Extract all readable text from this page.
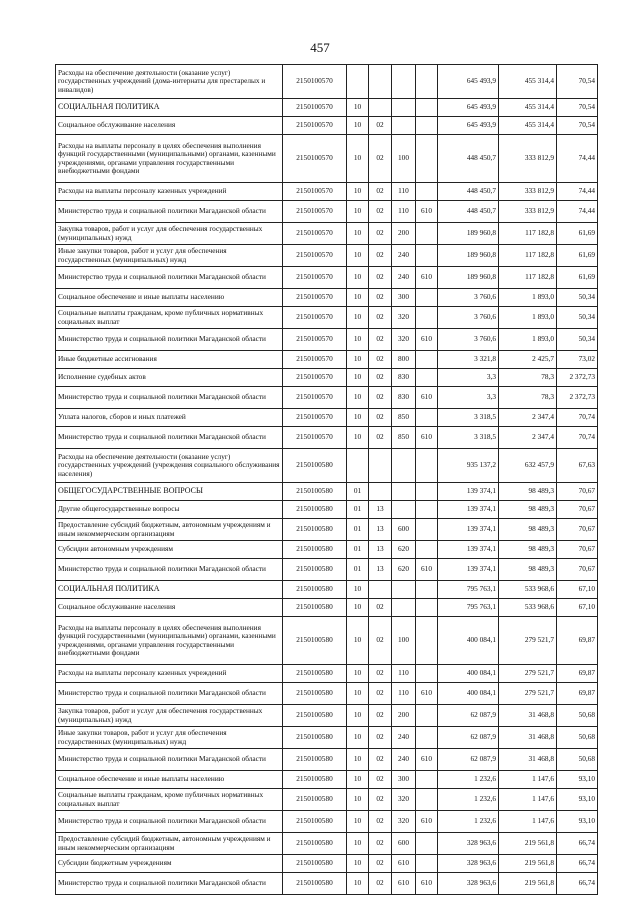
457
Расходы на обеспечение деятельности (оказание услуг) государственных учреждений (дома-интернаты для престарелых и инвалидов)	2150100570					645 493,9	455 314,4	70,54
СОЦИАЛЬНАЯ ПОЛИТИКА	2150100570	10				645 493,9	455 314,4	70,54
Социальное обслуживание населения	2150100570	10	02			645 493,9	455 314,4	70,54
Расходы на выплаты персоналу в целях обеспечения выполнения функций государственными (муниципальными) органами, казенными учреждениями, органами управления государственными внебюджетными фондами	2150100570	10	02	100		448 450,7	333 812,9	74,44
Расходы на выплаты персоналу казенных учреждений	2150100570	10	02	110		448 450,7	333 812,9	74,44
Министерство труда и социальной политики Магаданской области	2150100570	10	02	110	610	448 450,7	333 812,9	74,44
Закупка товаров, работ и услуг для обеспечения государственных (муниципальных) нужд	2150100570	10	02	200		189 960,8	117 182,8	61,69
Иные закупки товаров, работ и услуг для обеспечения государственных (муниципальных) нужд	2150100570	10	02	240		189 960,8	117 182,8	61,69
Министерство труда и социальной политики Магаданской области	2150100570	10	02	240	610	189 960,8	117 182,8	61,69
Социальное обеспечение и иные выплаты населению	2150100570	10	02	300		3 760,6	1 893,0	50,34
Социальные выплаты гражданам, кроме публичных нормативных социальных выплат	2150100570	10	02	320		3 760,6	1 893,0	50,34
Министерство труда и социальной политики Магаданской области	2150100570	10	02	320	610	3 760,6	1 893,0	50,34
Иные бюджетные ассигнования	2150100570	10	02	800		3 321,8	2 425,7	73,02
Исполнение судебных актов	2150100570	10	02	830		3,3	78,3	2 372,73
Министерство труда и социальной политики Магаданской области	2150100570	10	02	830	610	3,3	78,3	2 372,73
Уплата налогов, сборов и иных платежей	2150100570	10	02	850		3 318,5	2 347,4	70,74
Министерство труда и социальной политики Магаданской области	2150100570	10	02	850	610	3 318,5	2 347,4	70,74
Расходы на обеспечение деятельности (оказание услуг) государственных учреждений (учреждения социального обслуживания населения)	2150100580					935 137,2	632 457,9	67,63
ОБЩЕГОСУДАРСТВЕННЫЕ ВОПРОСЫ	2150100580	01				139 374,1	98 489,3	70,67
Другие общегосударственные вопросы	2150100580	01	13			139 374,1	98 489,3	70,67
Предоставление субсидий бюджетным, автономным учреждениям и иным некоммерческим организациям	2150100580	01	13	600		139 374,1	98 489,3	70,67
Субсидии автономным учреждениям	2150100580	01	13	620		139 374,1	98 489,3	70,67
Министерство труда и социальной политики Магаданской области	2150100580	01	13	620	610	139 374,1	98 489,3	70,67
СОЦИАЛЬНАЯ ПОЛИТИКА	2150100580	10				795 763,1	533 968,6	67,10
Социальное обслуживание населения	2150100580	10	02			795 763,1	533 968,6	67,10
Расходы на выплаты персоналу в целях обеспечения выполнения функций государственными (муниципальными) органами, казенными учреждениями, органами управления государственными внебюджетными фондами	2150100580	10	02	100		400 084,1	279 521,7	69,87
Расходы на выплаты персоналу казенных учреждений	2150100580	10	02	110		400 084,1	279 521,7	69,87
Министерство труда и социальной политики Магаданской области	2150100580	10	02	110	610	400 084,1	279 521,7	69,87
Закупка товаров, работ и услуг для обеспечения государственных (муниципальных) нужд	2150100580	10	02	200		62 087,9	31 468,8	50,68
Иные закупки товаров, работ и услуг для обеспечения государственных (муниципальных) нужд	2150100580	10	02	240		62 087,9	31 468,8	50,68
Министерство труда и социальной политики Магаданской области	2150100580	10	02	240	610	62 087,9	31 468,8	50,68
Социальное обеспечение и иные выплаты населению	2150100580	10	02	300		1 232,6	1 147,6	93,10
Социальные выплаты гражданам, кроме публичных нормативных социальных выплат	2150100580	10	02	320		1 232,6	1 147,6	93,10
Министерство труда и социальной политики Магаданской области	2150100580	10	02	320	610	1 232,6	1 147,6	93,10
Предоставление субсидий бюджетным, автономным учреждениям и иным некоммерческим организациям	2150100580	10	02	600		328 963,6	219 561,8	66,74
Субсидии бюджетным учреждениям	2150100580	10	02	610		328 963,6	219 561,8	66,74
Министерство труда и социальной политики Магаданской области	2150100580	10	02	610	610	328 963,6	219 561,8	66,74
